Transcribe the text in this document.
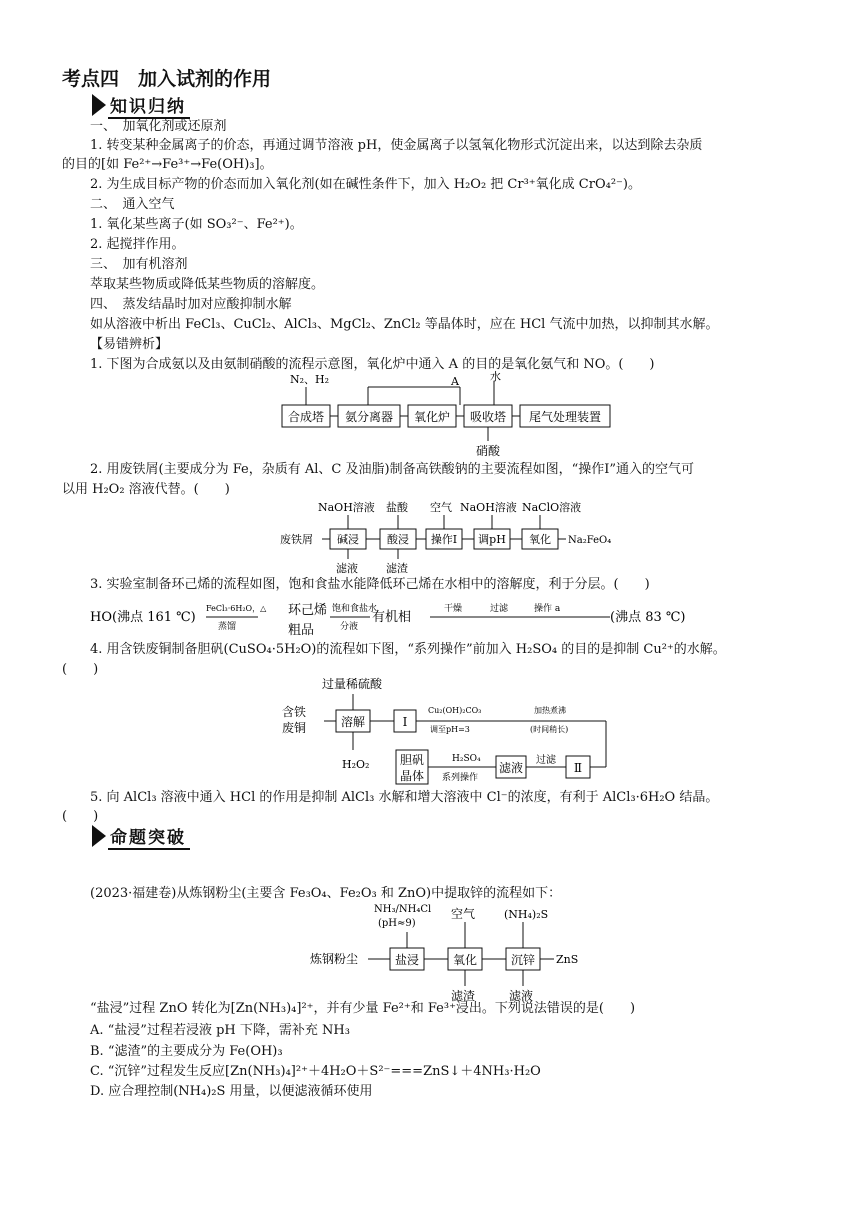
考点四　加入试剂的作用
知识归纳
一、　加氧化剂或还原剂
1. 转变某种金属离子的价态，再通过调节溶液 pH，使金属离子以氢氧化物形式沉淀出来，以达到除去杂质
的目的[如 Fe²⁺→Fe³⁺→Fe(OH)₃]。
2. 为生成目标产物的价态而加入氧化剂(如在碱性条件下，加入 H₂O₂ 把 Cr³⁺氧化成 CrO₄²⁻)。
二、　通入空气
1. 氧化某些离子(如 SO₃²⁻、Fe²⁺)。
2. 起搅拌作用。
三、　加有机溶剂
萃取某些物质或降低某些物质的溶解度。
四、　蒸发结晶时加对应酸抑制水解
如从溶液中析出 FeCl₃、CuCl₂、AlCl₃、MgCl₂、ZnCl₂ 等晶体时，应在 HCl 气流中加热，以抑制其水解。
【易错辨析】
1. 下图为合成氨以及由氨制硝酸的流程示意图，氧化炉中通入 A 的目的是氧化氨气和 NO。(　　)
N₂、H₂	A	水
合成塔 氨分离器 氧化炉 吸收塔 尾气处理装置
硝酸
2. 用废铁屑(主要成分为 Fe，杂质有 Al、C 及油脂)制备高铁酸钠的主要流程如图，“操作Ⅰ”通入的空气可
以用 H₂O₂ 溶液代替。(　　)
NaOH溶液 盐酸 空气 NaOH溶液 NaClO溶液
废铁屑 碱浸	酸浸 操作Ⅰ 调pH 氧化 Na₂FeO₄
滤液	滤渣
3. 实验室制备环己烯的流程如图，饱和食盐水能降低环己烯在水相中的溶解度，利于分层。(　　)
HO(沸点 161 ℃)
FeCl₃·6H₂O，△
蒸馏
环己烯
粗品
饱和食盐水
分液
有机相
干燥	过滤	操作 a
(沸点 83 ℃)
4. 用含铁废铜制备胆矾(CuSO₄·5H₂O)的流程如下图，“系列操作”前加入 H₂SO₄ 的目的是抑制 Cu²⁺的水解。
(　　)
过量稀硫酸
含铁
废铜	溶解	Ⅰ
Cu₂(OH)₂CO₃
调至pH=3
加热煮沸
(时间稍长)
H₂O₂	胆矾
晶体
H₂SO₄
系列操作
滤液
过滤
Ⅱ
5. 向 AlCl₃ 溶液中通入 HCl 的作用是抑制 AlCl₃ 水解和增大溶液中 Cl⁻的浓度，有利于 AlCl₃·6H₂O 结晶。
(　　)
命题突破
(2023·福建卷)从炼钢粉尘(主要含 Fe₃O₄、Fe₂O₃ 和 ZnO)中提取锌的流程如下：
NH₃/NH₄Cl
(pH≈9)
空气	(NH₄)₂S
炼钢粉尘	盐浸	氧化	沉锌 ZnS
滤渣	滤液
“盐浸”过程 ZnO 转化为[Zn(NH₃)₄]²⁺，并有少量 Fe²⁺和 Fe³⁺浸出。下列说法错误的是(　　)
A. “盐浸”过程若浸液 pH 下降，需补充 NH₃
B. “滤渣”的主要成分为 Fe(OH)₃
C. “沉锌”过程发生反应[Zn(NH₃)₄]²⁺＋4H₂O＋S²⁻===ZnS↓＋4NH₃·H₂O
D. 应合理控制(NH₄)₂S 用量，以便滤液循环使用
